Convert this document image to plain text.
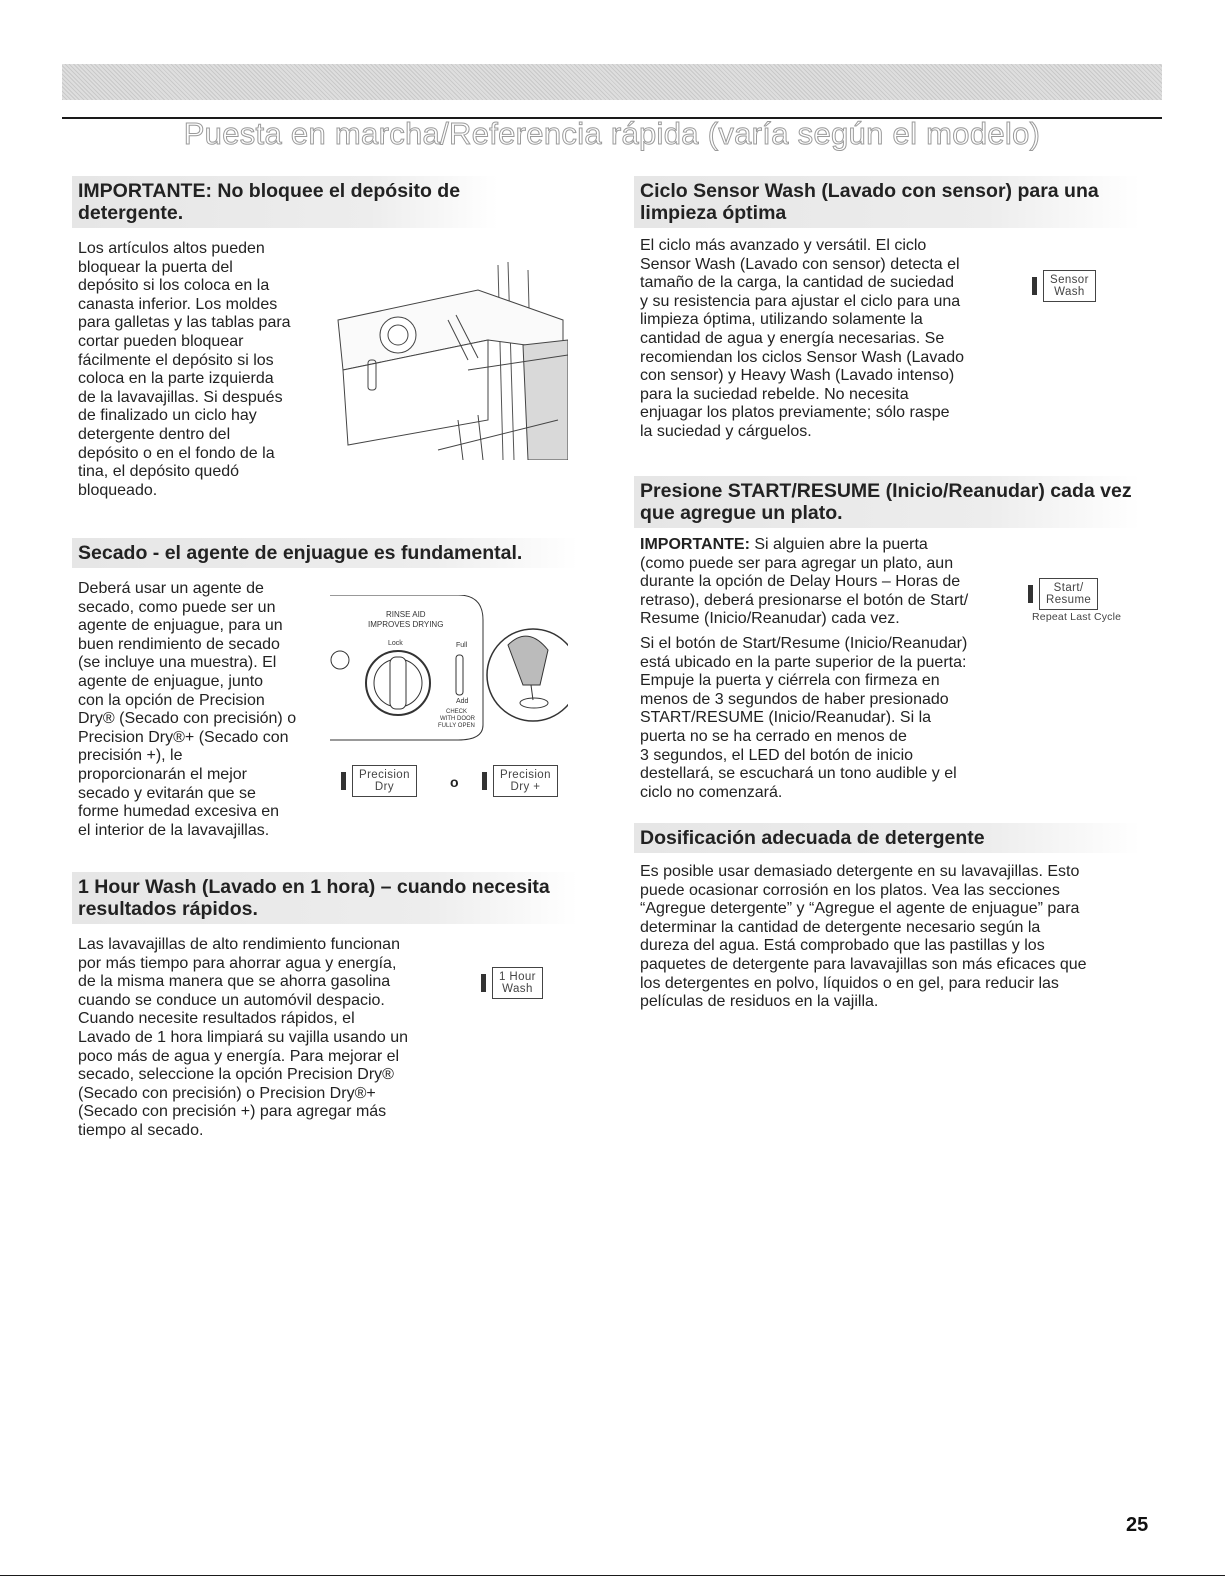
Puesta en marcha/Referencia rápida (varía según el modelo)
IMPORTANTE: No bloquee el depósito de detergente.
Los artículos altos pueden
bloquear la puerta del
depósito si los coloca en la
canasta inferior. Los moldes
para galletas y las tablas para
cortar pueden bloquear
fácilmente el depósito si los
coloca en la parte izquierda
de la lavavajillas. Si después
de finalizado un ciclo hay
detergente dentro del
depósito o en el fondo de la
tina, el depósito quedó
bloqueado.
Secado - el agente de enjuague es fundamental.
Deberá usar un agente de
secado, como puede ser un
agente de enjuague, para un
buen rendimiento de secado
(se incluye una muestra). El
agente de enjuague, junto
con la opción de Precision
Dry® (Secado con precisión) o
Precision Dry®+ (Secado con
precisión +), le
proporcionarán el mejor
secado y evitarán que se
forme humedad excesiva en
el interior de la lavavajillas.
RINSE AID
IMPROVES DRYING
Lock	Full
Add
CHECK
WITH DOOR
FULLY OPEN
Precision
Dry	o	Precision
Dry +
1 Hour Wash (Lavado en 1 hora) – cuando necesita resultados rápidos.
Las lavavajillas de alto rendimiento funcionan
por más tiempo para ahorrar agua y energía,
de la misma manera que se ahorra gasolina
cuando se conduce un automóvil despacio.
Cuando necesite resultados rápidos, el
Lavado de 1 hora limpiará su vajilla usando un
poco más de agua y energía. Para mejorar el
secado, seleccione la opción Precision Dry®
(Secado con precisión) o Precision Dry®+
(Secado con precisión +) para agregar más
tiempo al secado.
1 Hour
Wash
Ciclo Sensor Wash (Lavado con sensor) para una limpieza óptima
El ciclo más avanzado y versátil. El ciclo
Sensor Wash (Lavado con sensor) detecta el
tamaño de la carga, la cantidad de suciedad
y su resistencia para ajustar el ciclo para una
limpieza óptima, utilizando solamente la
cantidad de agua y energía necesarias. Se
recomiendan los ciclos Sensor Wash (Lavado
con sensor) y Heavy Wash (Lavado intenso)
para la suciedad rebelde. No necesita
enjuagar los platos previamente; sólo raspe
la suciedad y cárguelos.
Sensor
Wash
Presione START/RESUME (Inicio/Reanudar) cada vez que agregue un plato.

IMPORTANTE: Si alguien abre la puerta
(como puede ser para agregar un plato, aun
durante la opción de Delay Hours – Horas de
retraso), deberá presionarse el botón de Start/
Resume (Inicio/Reanudar) cada vez.

Si el botón de Start/Resume (Inicio/Reanudar)
está ubicado en la parte superior de la puerta:
Empuje la puerta y ciérrela con firmeza en
menos de 3 segundos de haber presionado
START/RESUME (Inicio/Reanudar). Si la
puerta no se ha cerrado en menos de
3 segundos, el LED del botón de inicio
destellará, se escuchará un tono audible y el
ciclo no comenzará.

Start/
Resume
Repeat Last Cycle
Dosificación adecuada de detergente
Es posible usar demasiado detergente en su lavavajillas. Esto
puede ocasionar corrosión en los platos. Vea las secciones
“Agregue detergente” y “Agregue el agente de enjuague” para
determinar la cantidad de detergente necesario según la
dureza del agua. Está comprobado que las pastillas y los
paquetes de detergente para lavavajillas son más eficaces que
los detergentes en polvo, líquidos o en gel, para reducir las
películas de residuos en la vajilla.
25
